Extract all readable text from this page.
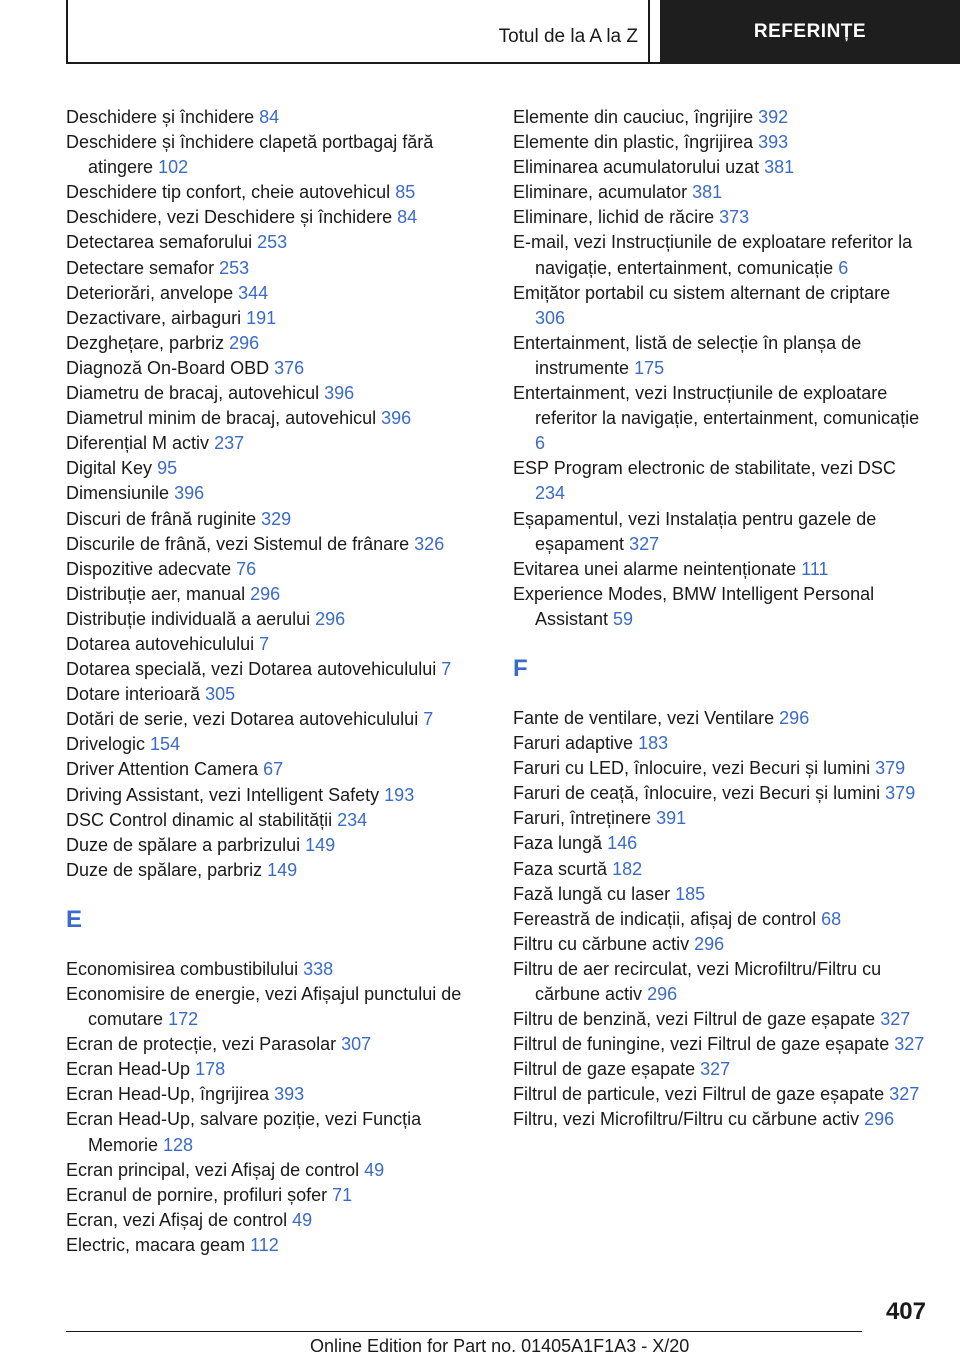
Totul de la A la Z	REFERINȚE

Deschidere și închidere 84

Deschidere și închidere clapetă portbagaj fără atingere 102

Deschidere tip confort, cheie autovehicul 85

Deschidere, vezi Deschidere și închidere 84

Detectarea semaforului 253

Detectare semafor 253

Deteriorări, anvelope 344

Dezactivare, airbaguri 191

Dezghețare, parbriz 296

Diagnoză On-Board OBD 376

Diametru de bracaj, autovehicul 396

Diametrul minim de bracaj, autovehicul 396

Diferențial M activ 237

Digital Key 95

Dimensiunile 396

Discuri de frână ruginite 329

Discurile de frână, vezi Sistemul de frânare 326

Dispozitive adecvate 76

Distribuție aer, manual 296

Distribuție individuală a aerului 296

Dotarea autovehiculului 7

Dotarea specială, vezi Dotarea autovehiculului 7

Dotare interioară 305

Dotări de serie, vezi Dotarea autovehiculului 7

Drivelogic 154

Driver Attention Camera 67

Driving Assistant, vezi Intelligent Safety 193

DSC Control dinamic al stabilității 234

Duze de spălare a parbrizului 149

Duze de spălare, parbriz 149

E

Economisirea combustibilului 338

Economisire de energie, vezi Afișajul punctului de comutare 172

Ecran de protecție, vezi Parasolar 307

Ecran Head-Up 178

Ecran Head-Up, îngrijirea 393

Ecran Head-Up, salvare poziție, vezi Funcția Memorie 128

Ecran principal, vezi Afișaj de control 49

Ecranul de pornire, profiluri șofer 71

Ecran, vezi Afișaj de control 49

Electric, macara geam 112

Elemente din cauciuc, îngrijire 392

Elemente din plastic, îngrijirea 393

Eliminarea acumulatorului uzat 381

Eliminare, acumulator 381

Eliminare, lichid de răcire 373

E-mail, vezi Instrucțiunile de exploatare referitor la navigație, entertainment, comunicație 6

Emițător portabil cu sistem alternant de criptare 306

Entertainment, listă de selecție în planșa de instrumente 175

Entertainment, vezi Instrucțiunile de exploatare referitor la navigație, entertainment, comunicație 6

ESP Program electronic de stabilitate, vezi DSC 234

Eșapamentul, vezi Instalația pentru gazele de eșapament 327

Evitarea unei alarme neintenționate 111

Experience Modes, BMW Intelligent Personal Assistant 59

F

Fante de ventilare, vezi Ventilare 296

Faruri adaptive 183

Faruri cu LED, înlocuire, vezi Becuri și lumini 379

Faruri de ceață, înlocuire, vezi Becuri și lumini 379

Faruri, întreținere 391

Faza lungă 146

Faza scurtă 182

Fază lungă cu laser 185

Fereastră de indicații, afișaj de control 68

Filtru cu cărbune activ 296

Filtru de aer recirculat, vezi Microfiltru/Filtru cu cărbune activ 296

Filtru de benzină, vezi Filtrul de gaze eșapate 327

Filtrul de funingine, vezi Filtrul de gaze eșapate 327

Filtrul de gaze eșapate 327

Filtrul de particule, vezi Filtrul de gaze eșapate 327

Filtru, vezi Microfiltru/Filtru cu cărbune activ 296

407
Online Edition for Part no. 01405A1F1A3 - X/20
